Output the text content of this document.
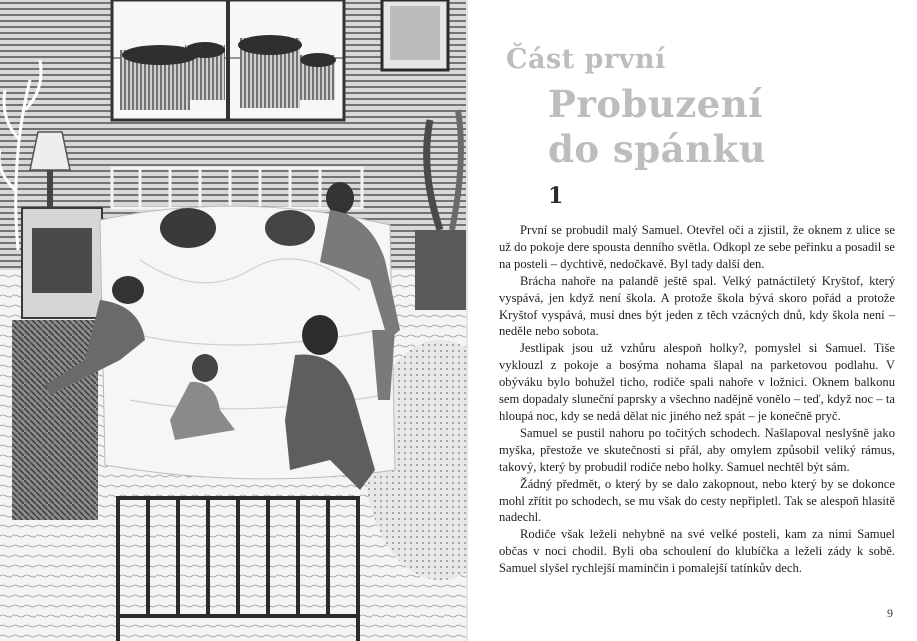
Část první
Probuzení
do spánku
1

První se probudil malý Samuel. Otevřel oči a zjistil, že oknem z ulice se už do pokoje dere spousta denního světla. Odkopl ze sebe peřinku a posadil se na posteli – dychtivě, nedočkavě. Byl tady další den.

Brácha nahoře na palandě ještě spal. Velký patnáctiletý Kryštof, který vyspává, jen když není škola. A protože škola bývá skoro pořád a protože Kryštof vyspává, musí dnes být jeden z těch vzácných dnů, kdy škola není – neděle nebo sobota.

Jestlipak jsou už vzhůru alespoň holky?, pomyslel si Samuel. Tiše vyklouzl z pokoje a bosýma nohama šlapal na parketovou podlahu. V obýváku bylo bohužel ticho, rodiče spali nahoře v ložnici. Oknem balkonu sem dopadaly sluneční paprsky a všechno nadějně vonělo – teď, když noc – ta hloupá noc, kdy se nedá dělat nic jiného než spát – je konečně pryč.

Samuel se pustil nahoru po točitých schodech. Našlapoval neslyšně jako myška, přestože ve skutečnosti si přál, aby omylem způsobil veliký rámus, takový, který by probudil rodiče nebo holky. Samuel nechtěl být sám.

Žádný předmět, o který by se dalo zakopnout, nebo který by se dokonce mohl zřítit po schodech, se mu však do cesty nepřipletl. Tak se alespoň hlasitě nadechl.

Rodiče však leželi nehybně na své velké posteli, kam za nimi Samuel občas v noci chodil. Byli oba schoulení do klubíčka a leželi zády k sobě. Samuel slyšel rychlejší maminčin i pomalejší tatínkův dech.

9
